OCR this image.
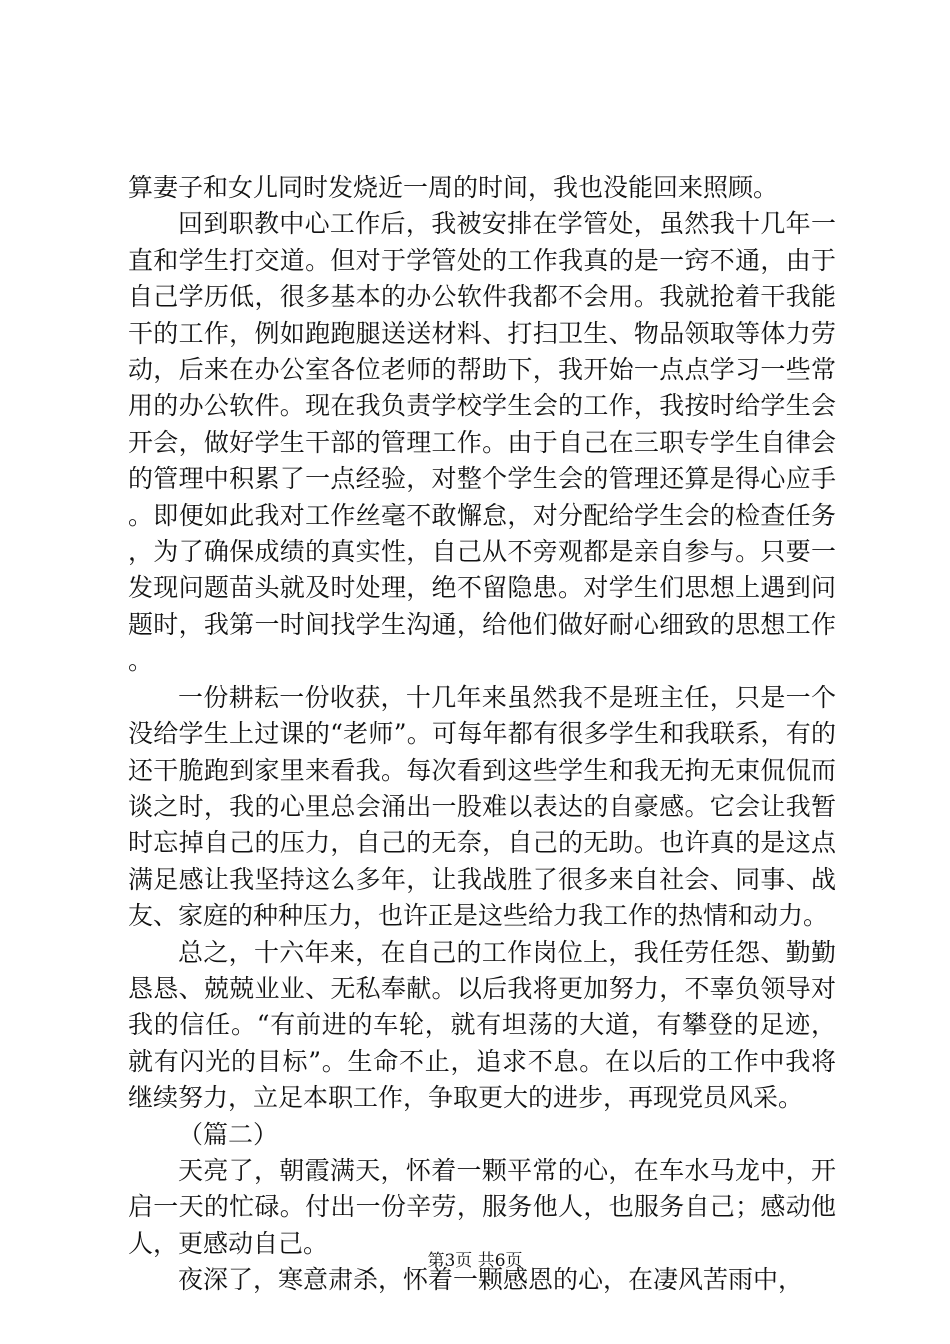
算妻子和女儿同时发烧近一周的时间，我也没能回来照顾。

回到职教中心工作后，我被安排在学管处，虽然我十几年一直和学生打交道。但对于学管处的工作我真的是一窍不通，由于自己学历低，很多基本的办公软件我都不会用。我就抢着干我能干的工作，例如跑跑腿送送材料、打扫卫生、物品领取等体力劳动，后来在办公室各位老师的帮助下，我开始一点点学习一些常用的办公软件。现在我负责学校学生会的工作，我按时给学生会开会，做好学生干部的管理工作。由于自己在三职专学生自律会的管理中积累了一点经验，对整个学生会的管理还算是得心应手。即便如此我对工作丝毫不敢懈怠，对分配给学生会的检查任务，为了确保成绩的真实性，自己从不旁观都是亲自参与。只要一发现问题苗头就及时处理，绝不留隐患。对学生们思想上遇到问题时，我第一时间找学生沟通，给他们做好耐心细致的思想工作。

一份耕耘一份收获，十几年来虽然我不是班主任，只是一个没给学生上过课的“老师”。可每年都有很多学生和我联系，有的还干脆跑到家里来看我。每次看到这些学生和我无拘无束侃侃而谈之时，我的心里总会涌出一股难以表达的自豪感。它会让我暂时忘掉自己的压力，自己的无奈，自己的无助。也许真的是这点满足感让我坚持这么多年，让我战胜了很多来自社会、同事、战友、家庭的种种压力，也许正是这些给力我工作的热情和动力。

总之，十六年来，在自己的工作岗位上，我任劳任怨、勤勤恳恳、兢兢业业、无私奉献。以后我将更加努力，不辜负领导对我的信任。“有前进的车轮，就有坦荡的大道，有攀登的足迹，就有闪光的目标”。生命不止，追求不息。在以后的工作中我将继续努力，立足本职工作，争取更大的进步，再现党员风采。

（篇二）

天亮了，朝霞满天，怀着一颗平常的心，在车水马龙中，开启一天的忙碌。付出一份辛劳，服务他人，也服务自己；感动他人，更感动自己。

夜深了，寒意肃杀，怀着一颗感恩的心，在凄风苦雨中，

第3页 共6页
